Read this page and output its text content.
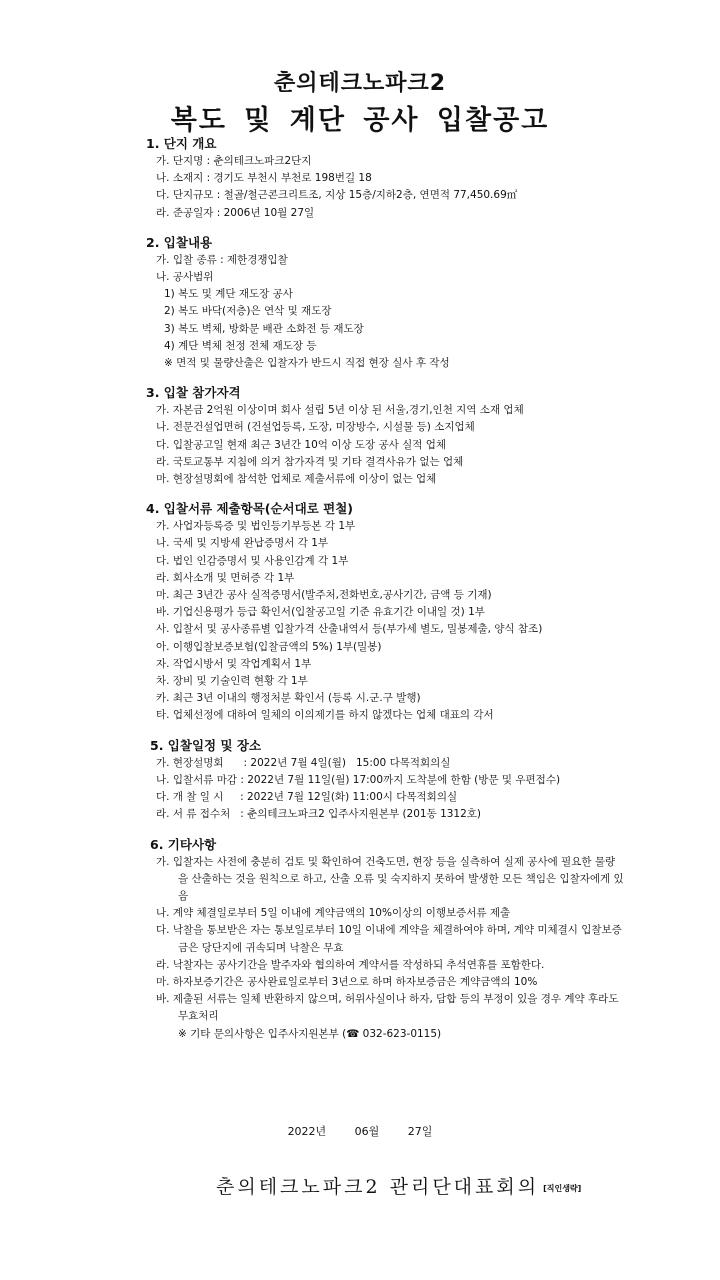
춘의테크노파크2
복도 및 계단 공사 입찰공고
1. 단지 개요
가. 단지명 : 춘의테크노파크2단지
나. 소재지 : 경기도 부천시 부천로 198번길 18
다. 단지규모 : 철골/철근콘크리트조, 지상 15층/지하2층, 연면적 77,450.69㎡
라. 준공일자 : 2006년 10월 27일
2. 입찰내용
가. 입찰 종류 : 제한경쟁입찰
나. 공사범위
1) 복도 및 계단 재도장 공사
2) 복도 바닥(저층)은 연삭 및 재도장
3) 복도 벽체, 방화문 배관 소화전 등 재도장
4) 계단 벽체 천정 전체 재도장 등
※ 면적 및 물량산출은 입찰자가 반드시 직접 현장 실사 후 작성
3. 입찰 참가자격
가. 자본금 2억원 이상이며 회사 설립 5년 이상 된 서울,경기,인천 지역 소재 업체
나. 전문건설업면허 (건설업등록, 도장, 미장방수, 시설물 등) 소지업체
다. 입찰공고일 현재 최근 3년간 10억 이상 도장 공사 실적 업체
라. 국토교통부 지침에 의거 참가자격 및 기타 결격사유가 없는 업체
마. 현장설명회에 참석한 업체로 제출서류에 이상이 없는 업체
4. 입찰서류 제출항목(순서대로 편철)
가. 사업자등록증 및 법인등기부등본 각 1부
나. 국세 및 지방세 완납증명서 각 1부
다. 법인 인감증명서 및 사용인감계 각 1부
라. 회사소개 및 면허증 각 1부
마. 최근 3년간 공사 실적증명서(발주처,전화번호,공사기간, 금액 등 기재)
바. 기업신용평가 등급 확인서(입찰공고일 기준 유효기간 이내일 것) 1부
사. 입찰서 및 공사종류별 입찰가격 산출내역서 등(부가세 별도, 밀봉제출, 양식 참조)
아. 이행입찰보증보험(입찰금액의 5%) 1부(밀봉)
자. 작업시방서 및 작업계획서 1부
차. 장비 및 기술인력 현황 각 1부
카. 최근 3년 이내의 행정처분 확인서 (등록 시.군.구 발행)
타. 업체선정에 대하여 일체의 이의제기를 하지 않겠다는 업체 대표의 각서
5. 입찰일정 및 장소
가. 현장설명회      : 2022년 7월 4일(월)   15:00 다목적회의실
나. 입찰서류 마감 : 2022년 7월 11일(월) 17:00까지 도착분에 한함 (방문 및 우편접수)
다. 개 찰 일 시     : 2022년 7월 12일(화) 11:00시 다목적회의실
라. 서 류 접수처   : 춘의테크노파크2 입주사지원본부 (201동 1312호)
6. 기타사항
가. 입찰자는 사전에 충분히 검토 및 확인하여 건축도면, 현장 등을 실측하여 실제 공사에 필요한 물량을 산출하는 것을 원칙으로 하고, 산출 오류 및 숙지하지 못하여 발생한 모든 책임은 입찰자에게 있음
나. 계약 체결일로부터 5일 이내에 계약금액의 10%이상의 이행보증서류 제출
다. 낙찰을 통보받은 자는 통보일로부터 10일 이내에 계약을 체결하여야 하며, 계약 미체결시 입찰보증금은 당단지에 귀속되며 낙찰은 무효
라. 낙찰자는 공사기간을 발주자와 협의하여 계약서를 작성하되 추석연휴를 포함한다.
마. 하자보증기간은 공사완료일로부터 3년으로 하며 하자보증금은 계약금액의 10%
바. 제출된 서류는 일체 반환하지 않으며, 허위사실이나 하자, 담합 등의 부정이 있을 경우 계약 후라도 무효처리
※ 기타 문의사항은 입주사지원본부 (☎ 032-623-0115)
2022년   06월   27일
춘의테크노파크2 관리단대표회의 [직인생략]
